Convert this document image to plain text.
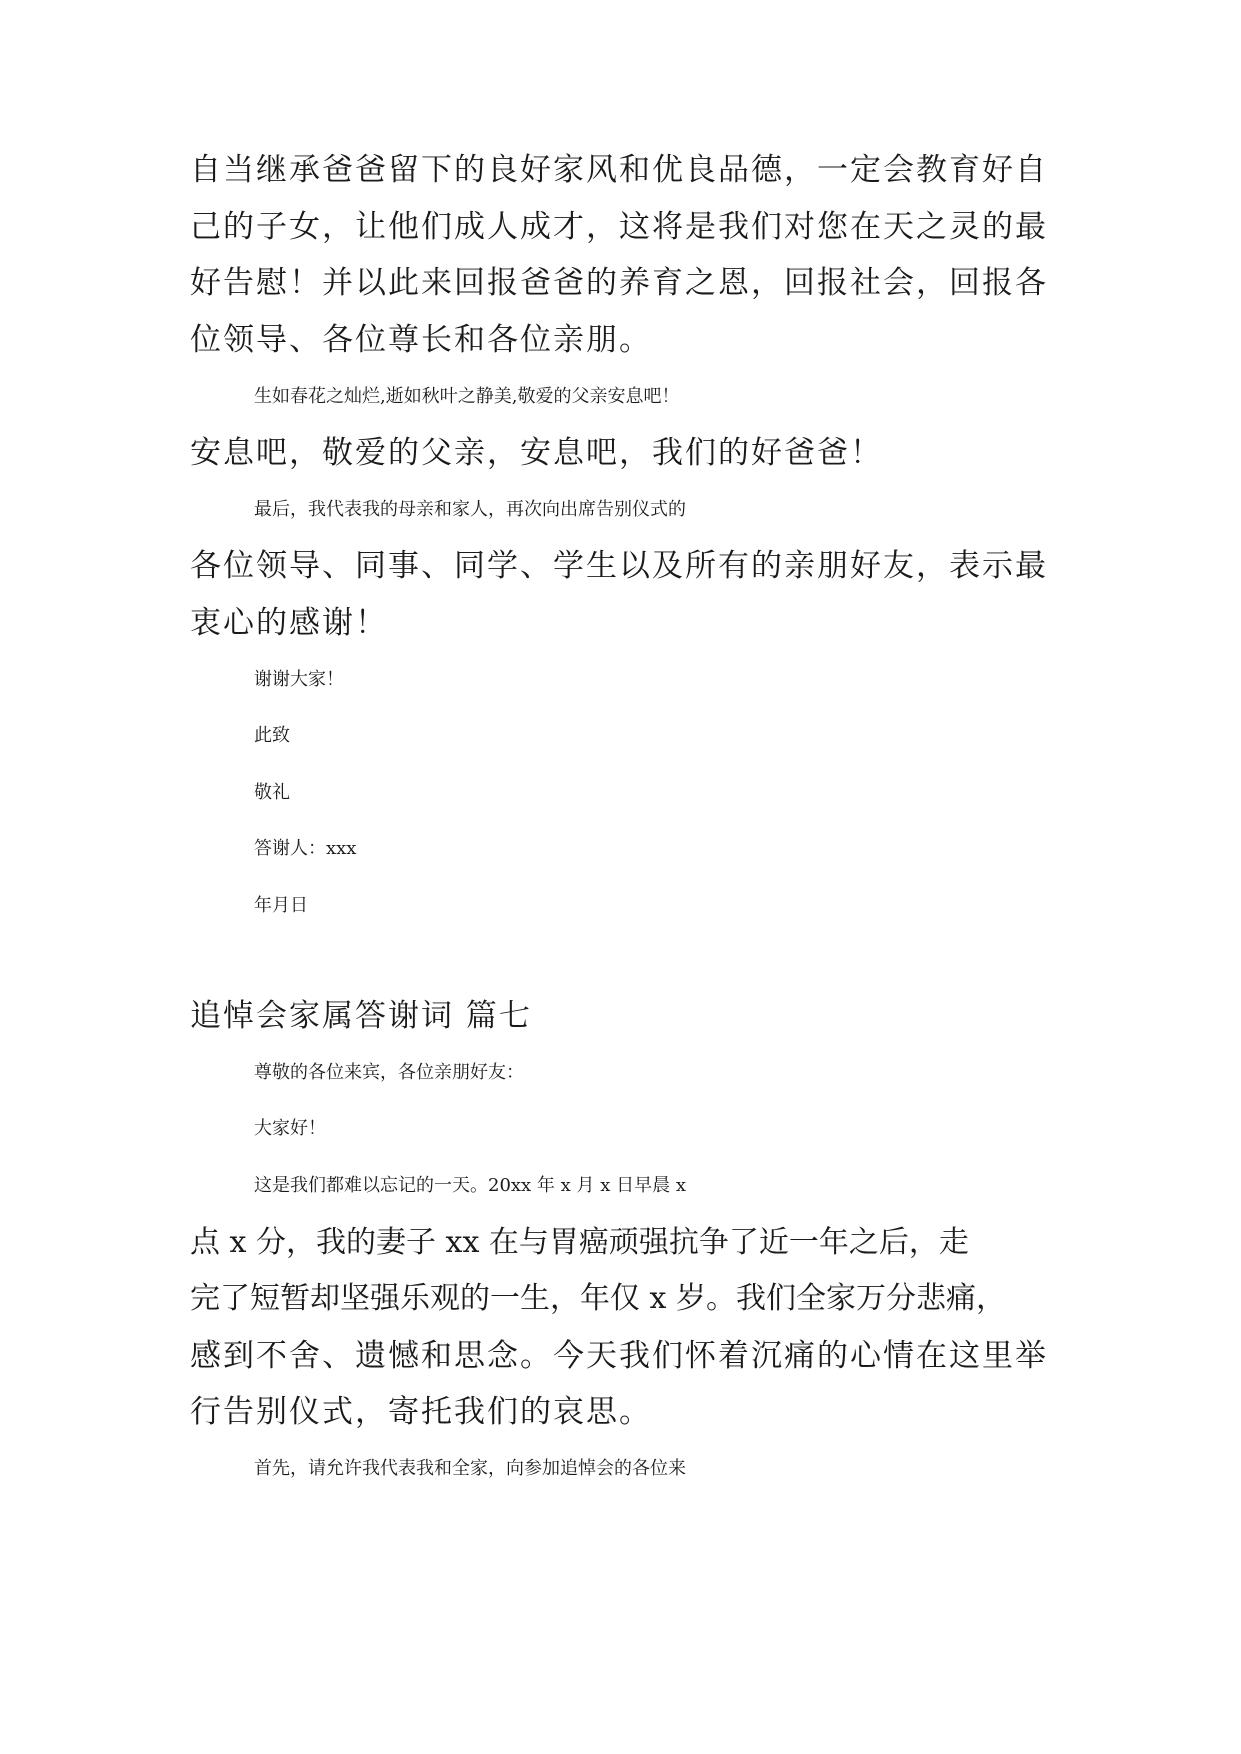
自当继承爸爸留下的良好家风和优良品德，一定会教育好自
己的子女，让他们成人成才，这将是我们对您在天之灵的最
好告慰！并以此来回报爸爸的养育之恩，回报社会，回报各
位领导、各位尊长和各位亲朋。
生如春花之灿烂,逝如秋叶之静美,敬爱的父亲安息吧！
安息吧，敬爱的父亲，安息吧，我们的好爸爸！
最后，我代表我的母亲和家人，再次向出席告别仪式的
各位领导、同事、同学、学生以及所有的亲朋好友，表示最
衷心的感谢！
谢谢大家！
此致
敬礼
答谢人：xxx
年月日
追悼会家属答谢词 篇七
尊敬的各位来宾，各位亲朋好友：
大家好！
这是我们都难以忘记的一天。20xx 年 x 月 x 日早晨 x
点 x 分，我的妻子 xx 在与胃癌顽强抗争了近一年之后，走
完了短暂却坚强乐观的一生，年仅 x 岁。我们全家万分悲痛，
感到不舍、遗憾和思念。今天我们怀着沉痛的心情在这里举
行告别仪式，寄托我们的哀思。
首先，请允许我代表我和全家，向参加追悼会的各位来
